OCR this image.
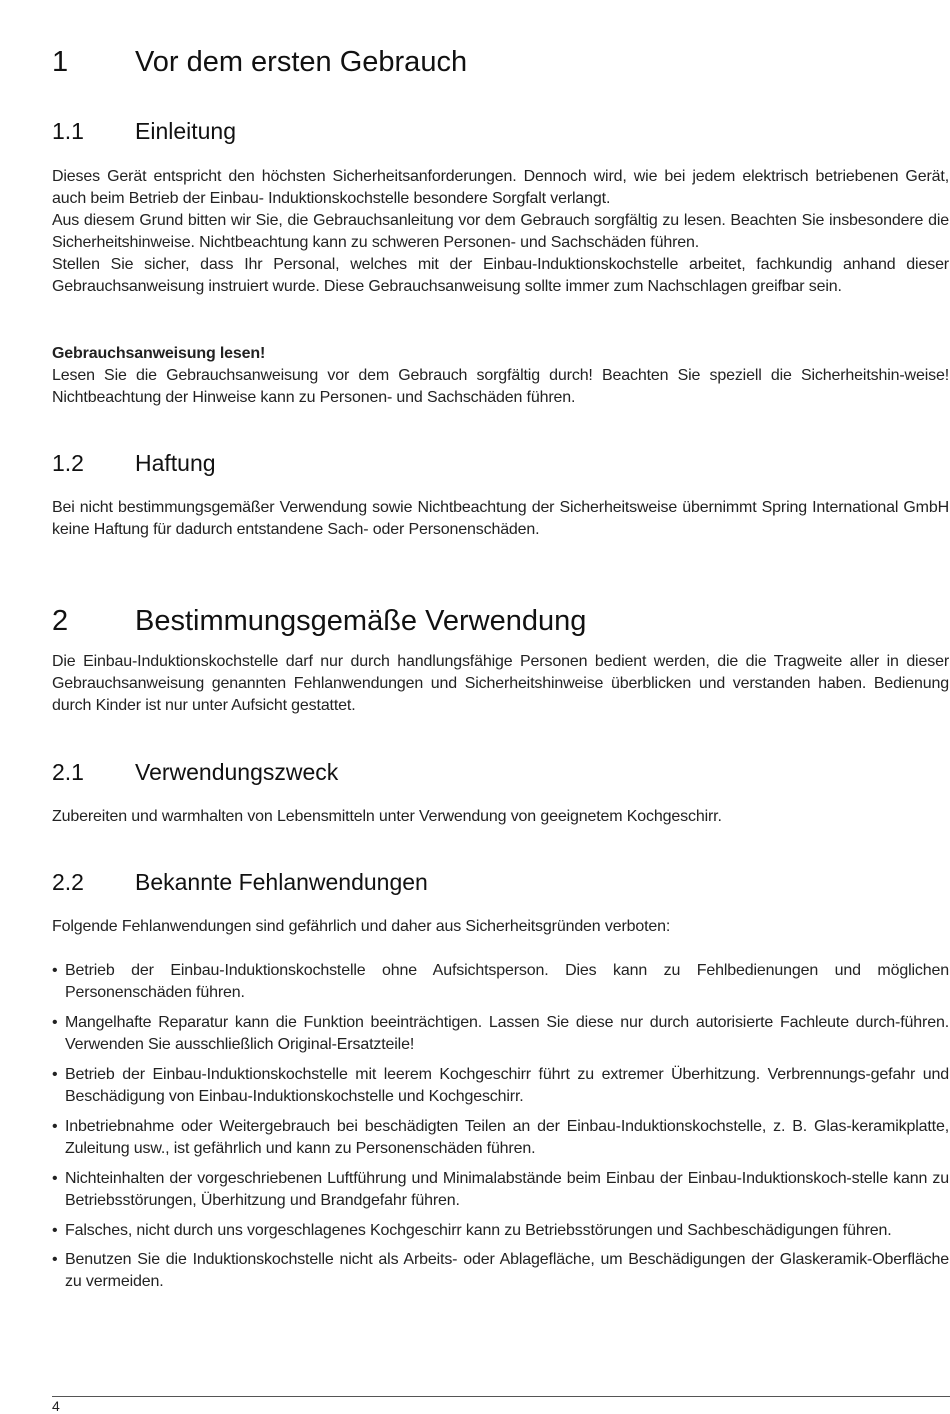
1 Vor dem ersten Gebrauch
1.1 Einleitung

Dieses Gerät entspricht den höchsten Sicherheitsanforderungen. Dennoch wird, wie bei jedem elektrisch betriebenen Gerät, auch beim Betrieb der Einbau- Induktionskochstelle besondere Sorgfalt verlangt.

Aus diesem Grund bitten wir Sie, die Gebrauchsanleitung vor dem Gebrauch sorgfältig zu lesen. Beachten Sie insbesondere die Sicherheitshinweise. Nichtbeachtung kann zu schweren Personen- und Sachschäden führen.

Stellen Sie sicher, dass Ihr Personal, welches mit der Einbau-Induktionskochstelle arbeitet, fachkundig anhand dieser Gebrauchsanweisung instruiert wurde. Diese Gebrauchsanweisung sollte immer zum Nachschlagen greifbar sein.

Gebrauchsanweisung lesen!

Lesen Sie die Gebrauchsanweisung vor dem Gebrauch sorgfältig durch! Beachten Sie speziell die Sicherheitshin-weise! Nichtbeachtung der Hinweise kann zu Personen- und Sachschäden führen.

1.2 Haftung

Bei nicht bestimmungsgemäßer Verwendung sowie Nichtbeachtung der Sicherheitsweise übernimmt Spring International GmbH keine Haftung für dadurch entstandene Sach- oder Personenschäden.

2 Bestimmungsgemäße Verwendung

Die Einbau-Induktionskochstelle darf nur durch handlungsfähige Personen bedient werden, die die Tragweite aller in dieser Gebrauchsanweisung genannten Fehlanwendungen und Sicherheitshinweise überblicken und verstanden haben. Bedienung durch Kinder ist nur unter Aufsicht gestattet.

2.1 Verwendungszweck

Zubereiten und warmhalten von Lebensmitteln unter Verwendung von geeignetem Kochgeschirr.

2.2 Bekannte Fehlanwendungen

Folgende Fehlanwendungen sind gefährlich und daher aus Sicherheitsgründen verboten:

• Betrieb der Einbau-Induktionskochstelle ohne Aufsichtsperson. Dies kann zu Fehlbedienungen und möglichen Personenschäden führen.
• Mangelhafte Reparatur kann die Funktion beeinträchtigen. Lassen Sie diese nur durch autorisierte Fachleute durch-führen. Verwenden Sie ausschließlich Original-Ersatzteile!
• Betrieb der Einbau-Induktionskochstelle mit leerem Kochgeschirr führt zu extremer Überhitzung. Verbrennungs-gefahr und Beschädigung von Einbau-Induktionskochstelle und Kochgeschirr.
• Inbetriebnahme oder Weitergebrauch bei beschädigten Teilen an der Einbau-Induktionskochstelle, z. B. Glas-keramikplatte, Zuleitung usw., ist gefährlich und kann zu Personenschäden führen.
• Nichteinhalten der vorgeschriebenen Luftführung und Minimalabstände beim Einbau der Einbau-Induktionskoch-stelle kann zu Betriebsstörungen, Überhitzung und Brandgefahr führen.
• Falsches, nicht durch uns vorgeschlagenes Kochgeschirr kann zu Betriebsstörungen und Sachbeschädigungen führen.
• Benutzen Sie die Induktionskochstelle nicht als Arbeits- oder Ablagefläche, um Beschädigungen der Glaskeramik-Oberfläche zu vermeiden.
4
